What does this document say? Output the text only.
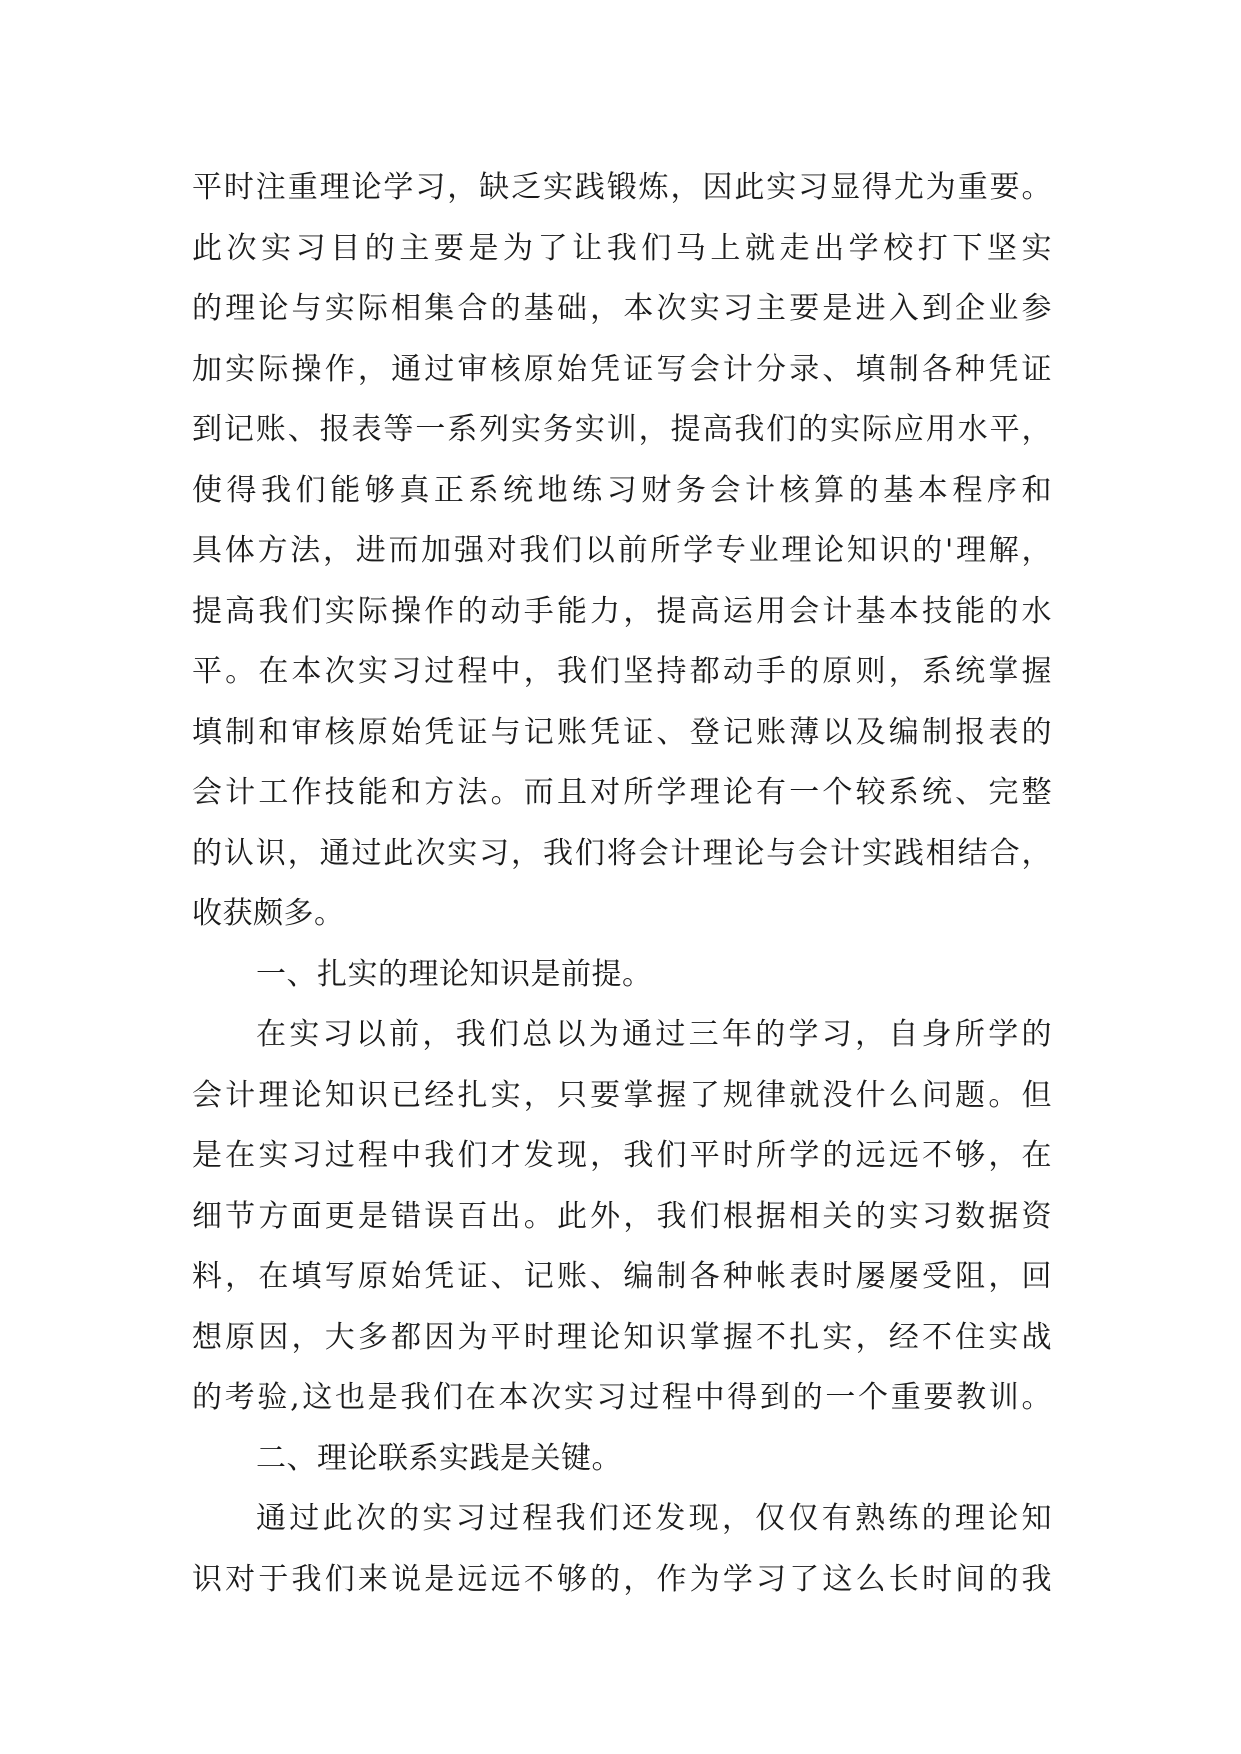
平时注重理论学习，缺乏实践锻炼，因此实习显得尤为重要。
此次实习目的主要是为了让我们马上就走出学校打下坚实
的理论与实际相集合的基础，本次实习主要是进入到企业参
加实际操作，通过审核原始凭证写会计分录、填制各种凭证
到记账、报表等一系列实务实训，提高我们的实际应用水平，
使得我们能够真正系统地练习财务会计核算的基本程序和
具体方法，进而加强对我们以前所学专业理论知识的'理解，
提高我们实际操作的动手能力，提高运用会计基本技能的水
平。在本次实习过程中，我们坚持都动手的原则，系统掌握
填制和审核原始凭证与记账凭证、登记账薄以及编制报表的
会计工作技能和方法。而且对所学理论有一个较系统、完整
的认识，通过此次实习，我们将会计理论与会计实践相结合，
收获颇多。
一、扎实的理论知识是前提。
在实习以前，我们总以为通过三年的学习，自身所学的
会计理论知识已经扎实，只要掌握了规律就没什么问题。但
是在实习过程中我们才发现，我们平时所学的远远不够，在
细节方面更是错误百出。此外，我们根据相关的实习数据资
料，在填写原始凭证、记账、编制各种帐表时屡屡受阻，回
想原因，大多都因为平时理论知识掌握不扎实，经不住实战
的考验,这也是我们在本次实习过程中得到的一个重要教训。
二、理论联系实践是关键。
通过此次的实习过程我们还发现，仅仅有熟练的理论知
识对于我们来说是远远不够的，作为学习了这么长时间的我
